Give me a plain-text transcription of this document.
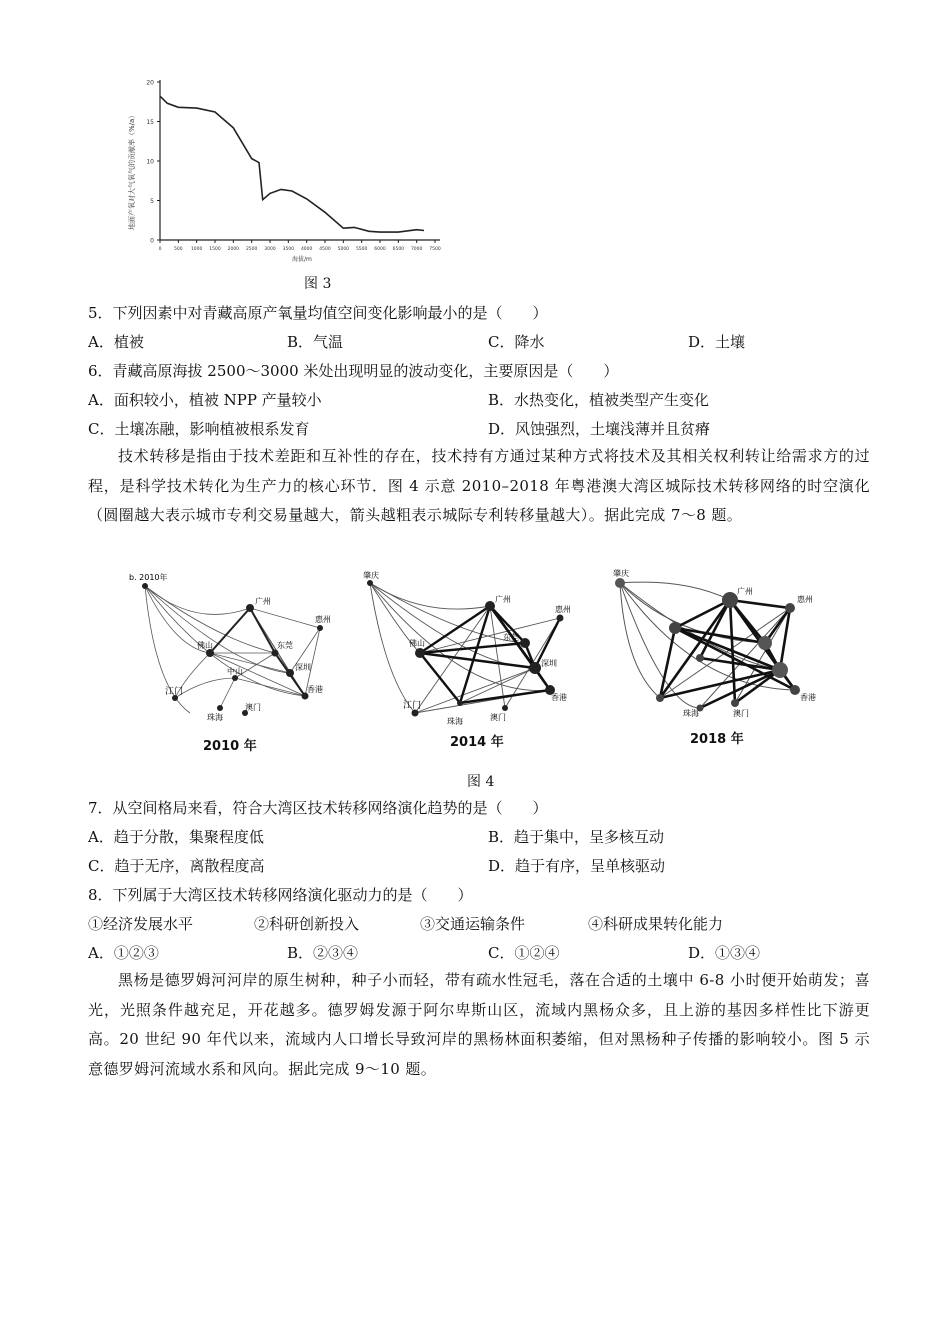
0
5
10
15
20
0	500 1000 1500 2000 2500 3000 3500 4000 4500 5000 5500 6000 6500 7000 7500
地面产氧对大气氧气的贡献率（%/a）
海拔/m
图 3
5．下列因素中对青藏高原产氧量均值空间变化影响最小的是（　　）
A．植被	B．气温	C．降水	D．土壤
6．青藏高原海拔 2500～3000 米处出现明显的波动变化，主要原因是（　　）
A．面积较小，植被 NPP 产量较小	B．水热变化，植被类型产生变化
C．土壤冻融，影响植被根系发育	D．风蚀强烈，土壤浅薄并且贫瘠
技术转移是指由于技术差距和互补性的存在，技术持有方通过某种方式将技术及其相关权利转让给需求方的过程，是科学技术转化为生产力的核心环节．图 4 示意 2010–2018 年粤港澳大湾区城际技术转移网络的时空演化（圆圈越大表示城市专利交易量越大，箭头越粗表示城际专利转移量越大）。据此完成 7～8 题。
b. 2010年
广州
惠州
佛山	东莞
深圳
中山
江门
珠海
澳门
香港
肇庆
广州
惠州
佛山
东莞
深圳
江门
珠海	澳门
香港
肇庆
广州
惠州
珠海	澳门
香港
2010 年	2014 年	2018 年
图 4
7．从空间格局来看，符合大湾区技术转移网络演化趋势的是（　　）
A．趋于分散，集聚程度低	B．趋于集中，呈多核互动
C．趋于无序，离散程度高	D．趋于有序，呈单核驱动
8．下列属于大湾区技术转移网络演化驱动力的是（　　）
①经济发展水平	②科研创新投入	③交通运输条件	④科研成果转化能力
A．①②③	B．②③④	C．①②④	D．①③④
黑杨是德罗姆河河岸的原生树种，种子小而轻，带有疏水性冠毛，落在合适的土壤中 6-8 小时便开始萌发；喜光，光照条件越充足，开花越多。德罗姆发源于阿尔卑斯山区，流域内黑杨众多，且上游的基因多样性比下游更高。20 世纪 90 年代以来，流域内人口增长导致河岸的黑杨林面积萎缩，但对黑杨种子传播的影响较小。图 5 示意德罗姆河流域水系和风向。据此完成 9～10 题。
